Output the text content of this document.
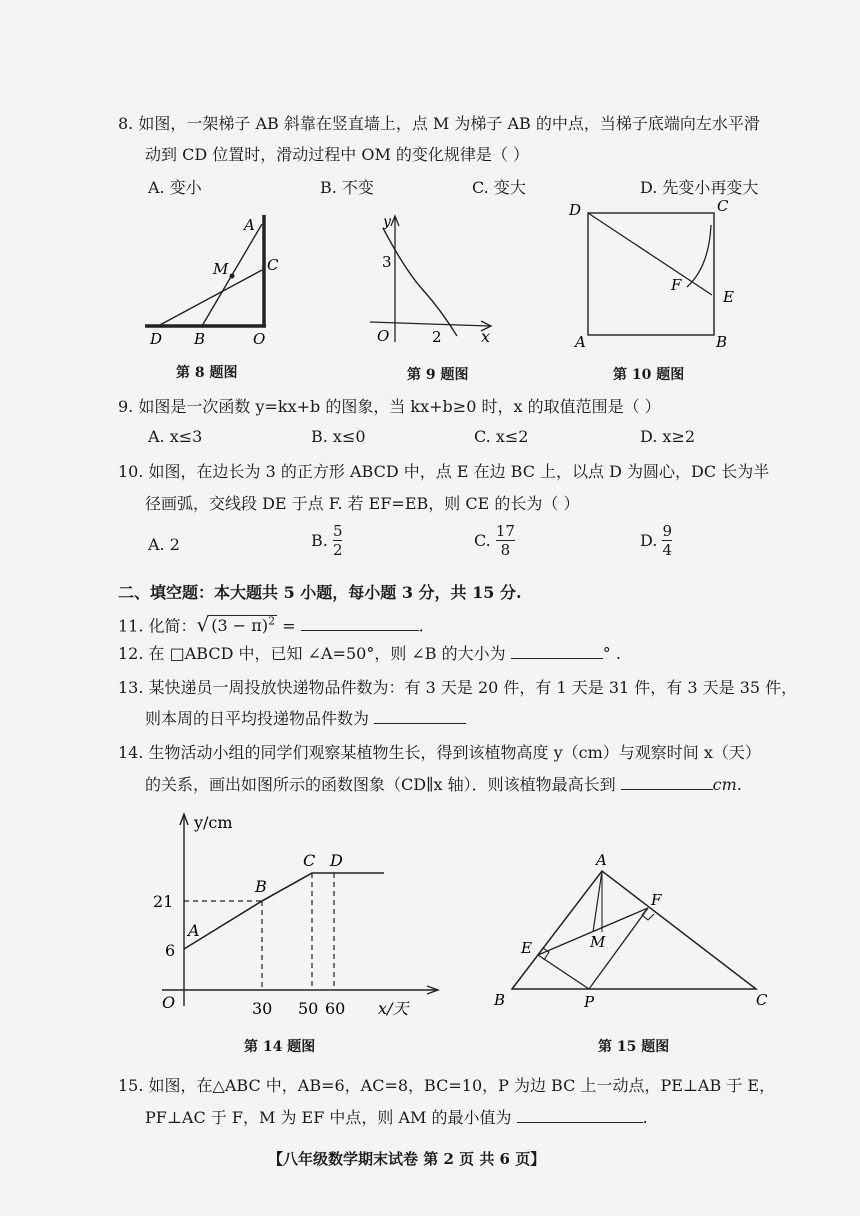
8. 如图，一架梯子 AB 斜靠在竖直墙上，点 M 为梯子 AB 的中点，当梯子底端向左水平滑
动到 CD 位置时，滑动过程中 OM 的变化规律是（ ）
A. 变小	B. 不变	C. 变大	D. 先变小再变大
A
M	C
D B	O
第 8 题图
y
3
O	2 x
第 9 题图
D	C
F
E
A	B
第 10 题图
9. 如图是一次函数 y=kx+b 的图象，当 kx+b≥0 时，x 的取值范围是（ ）
A. x≤3	B. x≤0	C. x≤2	D. x≥2
10. 如图，在边长为 3 的正方形 ABCD 中，点 E 在边 BC 上，以点 D 为圆心，DC 长为半
径画弧，交线段 DE 于点 F. 若 EF=EB，则 CE 的长为（ ）
A. 2	B. $\frac{5}{2}$	C. $\frac{17}{8}$	D. $\frac{9}{4}$
二、填空题：本大题共 5 小题，每小题 3 分，共 15 分.
11. 化简：√ $(3 - \pi)^2$ =	.
12. 在 □ABCD 中，已知 ∠A=50°，则 ∠B 的大小为	° .
13. 某快递员一周投放快递物品件数为：有 3 天是 20 件，有 1 天是 31 件，有 3 天是 35 件，
则本周的日平均投递物品件数为
14. 生物活动小组的同学们观察某植物生长，得到该植物高度 y（cm）与观察时间 x（天）
的关系，画出如图所示的函数图象（CD∥x 轴）．则该植物最高长到	cm.
y/cm
x/天
21
6
O	30 50 60
A
B
C D
第 14 题图
A
F
E	M
B	P	C
第 15 题图
15. 如图，在△ABC 中，AB=6，AC=8，BC=10，P 为边 BC 上一动点，PE⊥AB 于 E，
PF⊥AC 于 F，M 为 EF 中点，则 AM 的最小值为	.
【八年级数学期末试卷 第 2 页 共 6 页】
